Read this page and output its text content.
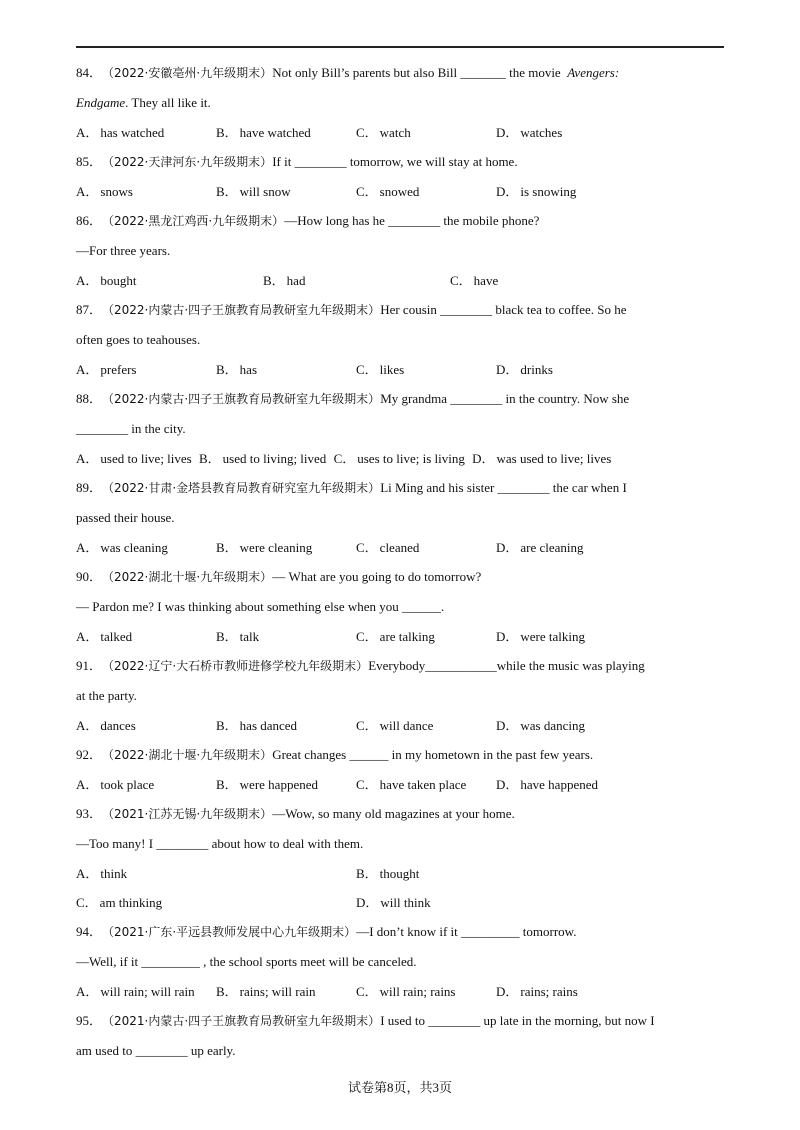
84． （2022·安徽亳州·九年级期末）Not only Bill’s parents but also Bill _______ the movie Avengers:
Endgame. They all like it.
A． has watched	B． have watched	C． watch	D． watches
85． （2022·天津河东·九年级期末）If it ________ tomorrow, we will stay at home.
A． snows	B． will snow	C． snowed	D． is snowing
86． （2022·黑龙江鸡西·九年级期末）—How long has he ________ the mobile phone?
—For three years.
A． bought	B． had	C． have
87． （2022·内蒙古·四子王旗教育局教研室九年级期末）Her cousin ________ black tea to coffee. So he
often goes to teahouses.
A． prefers	B． has	C． likes	D． drinks
88． （2022·内蒙古·四子王旗教育局教研室九年级期末）My grandma ________ in the country. Now she
________ in the city.
A． used to live; lives B． used to living; lived C． uses to live; is living D． was used to live; lives
89． （2022·甘肃·金塔县教育局教育研究室九年级期末）Li Ming and his sister ________ the car when I
passed their house.
A． was cleaning	B． were cleaning	C． cleaned	D． are cleaning
90． （2022·湖北十堰·九年级期末）— What are you going to do tomorrow?
— Pardon me? I was thinking about something else when you ______.
A． talked	B． talk	C． are talking	D． were talking
91． （2022·辽宁·大石桥市教师进修学校九年级期末）Everybody___________while the music was playing
at the party.
A． dances	B． has danced	C． will dance	D． was dancing
92． （2022·湖北十堰·九年级期末）Great changes ______ in my hometown in the past few years.
A． took place	B． were happened	C． have taken place D． have happened
93． （2021·江苏无锡·九年级期末）—Wow, so many old magazines at your home.
—Too many! I ________ about how to deal with them.
A． think	B． thought
C． am thinking	D． will think
94． （2021·广东·平远县教师发展中心九年级期末）—I don’t know if it _________ tomorrow.
—Well, if it _________ , the school sports meet will be canceled.
A． will rain; will rain B． rains; will rain	C． will rain; rains	D． rains; rains
95． （2021·内蒙古·四子王旗教育局教研室九年级期末）I used to ________ up late in the morning, but now I
am used to ________ up early.
试卷第8页，共3页
